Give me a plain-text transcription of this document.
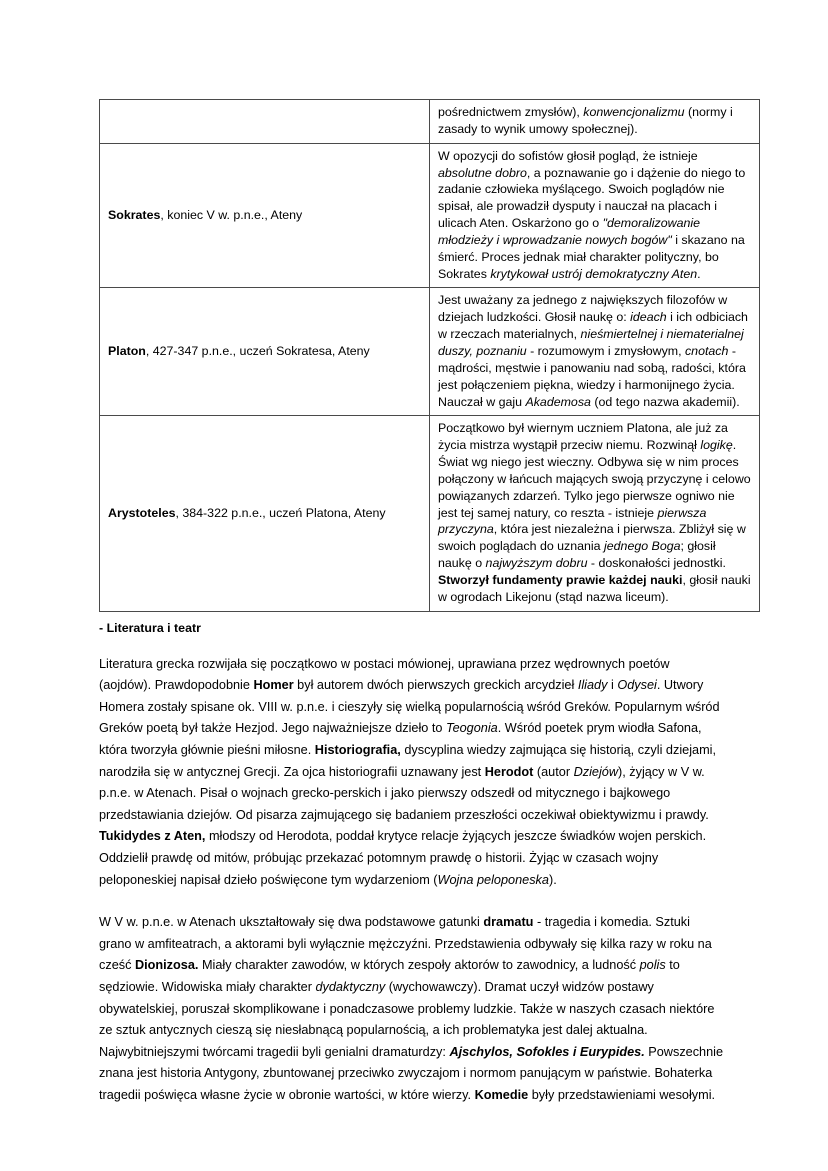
	pośrednictwem zmysłów), konwencjonalizmu (normy i zasady to wynik umowy społecznej).

Sokrates, koniec V w. p.n.e., Ateny	W opozycji do sofistów głosił pogląd, że istnieje absolutne dobro, a poznawanie go i dążenie do niego to zadanie człowieka myślącego. Swoich poglądów nie spisał, ale prowadził dysputy i nauczał na placach i ulicach Aten. Oskarżono go o "demoralizowanie młodzieży i wprowadzanie nowych bogów" i skazano na śmierć. Proces jednak miał charakter polityczny, bo Sokrates krytykował ustrój demokratyczny Aten.

Platon, 427-347 p.n.e., uczeń Sokratesa, Ateny	Jest uważany za jednego z największych filozofów w dziejach ludzkości. Głosił naukę o: ideach i ich odbiciach w rzeczach materialnych, nieśmiertelnej i niematerialnej duszy, poznaniu - rozumowym i zmysłowym, cnotach - mądrości, męstwie i panowaniu nad sobą, radości, która jest połączeniem piękna, wiedzy i harmonijnego życia. Nauczał w gaju Akademosa (od tego nazwa akademii).

Arystoteles, 384-322 p.n.e., uczeń Platona, Ateny	Początkowo był wiernym uczniem Platona, ale już za życia mistrza wystąpił przeciw niemu. Rozwinął logikę. Świat wg niego jest wieczny. Odbywa się w nim proces połączony w łańcuch mających swoją przyczynę i celowo powiązanych zdarzeń. Tylko jego pierwsze ogniwo nie jest tej samej natury, co reszta - istnieje pierwsza przyczyna, która jest niezależna i pierwsza. Zbliżył się w swoich poglądach do uznania jednego Boga; głosił naukę o najwyższym dobru - doskonałości jednostki. Stworzył fundamenty prawie każdej nauki, głosił nauki w ogrodach Likejonu (stąd nazwa liceum).
- Literatura i teatr

Literatura grecka rozwijała się początkowo w postaci mówionej, uprawiana przez wędrownych poetów (aojdów). Prawdopodobnie Homer był autorem dwóch pierwszych greckich arcydzieł Iliady i Odysei. Utwory Homera zostały spisane ok. VIII w. p.n.e. i cieszyły się wielką popularnością wśród Greków. Popularnym wśród Greków poetą był także Hezjod. Jego najważniejsze dzieło to Teogonia. Wśród poetek prym wiodła Safona, która tworzyła głównie pieśni miłosne. Historiografia, dyscyplina wiedzy zajmująca się historią, czyli dziejami, narodziła się w antycznej Grecji. Za ojca historiografii uznawany jest Herodot (autor Dziejów), żyjący w V w. p.n.e. w Atenach. Pisał o wojnach grecko-perskich i jako pierwszy odszedł od mitycznego i bajkowego przedstawiania dziejów. Od pisarza zajmującego się badaniem przeszłości oczekiwał obiektywizmu i prawdy. Tukidydes z Aten, młodszy od Herodota, poddał krytyce relacje żyjących jeszcze świadków wojen perskich. Oddzielił prawdę od mitów, próbując przekazać potomnym prawdę o historii. Żyjąc w czasach wojny peloponeskiej napisał dzieło poświęcone tym wydarzeniom (Wojna peloponeska).

W V w. p.n.e. w Atenach ukształtowały się dwa podstawowe gatunki dramatu - tragedia i komedia. Sztuki grano w amfiteatrach, a aktorami byli wyłącznie mężczyźni. Przedstawienia odbywały się kilka razy w roku na cześć Dionizosa. Miały charakter zawodów, w których zespoły aktorów to zawodnicy, a ludność polis to sędziowie. Widowiska miały charakter dydaktyczny (wychowawczy). Dramat uczył widzów postawy obywatelskiej, poruszał skomplikowane i ponadczasowe problemy ludzkie. Także w naszych czasach niektóre ze sztuk antycznych cieszą się niesłabnącą popularnością, a ich problematyka jest dalej aktualna. Najwybitniejszymi twórcami tragedii byli genialni dramaturdzy: Ajschylos, Sofokles i Eurypides. Powszechnie znana jest historia Antygony, zbuntowanej przeciwko zwyczajom i normom panującym w państwie. Bohaterka tragedii poświęca własne życie w obronie wartości, w które wierzy. Komedie były przedstawieniami wesołymi.
